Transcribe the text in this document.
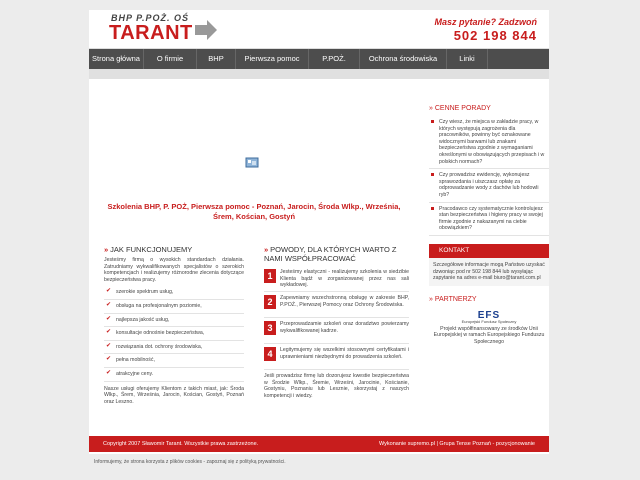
BHP P.POŻ. OŚ
TARANT	Masz pytanie? Zadzwoń
502 198 844
Strona główna	O firmie	BHP	Pierwsza pomoc	P.POŻ.	Ochrona środowiska	Linki
Szkolenia BHP, P. POŻ, Pierwsza pomoc - Poznań, Jarocin, Środa Wlkp., Września, Śrem, Kościan, Gostyń
» JAK FUNKCJONUJEMY
Jesteśmy firmą o wysokich standardach działania. Zatrudniamy wykwalifikowanych specjalistów o szerokich kompetencjach i realizujemy różnorodne zlecenia dotyczące bezpieczeństwa pracy.
✔ szerokie spektrum usług,
✔ obsługa na profesjonalnym poziomie,
✔ najlepsza jakość usług,
✔ konsultacje odnośnie bezpieczeństwa,
✔ rozwiązania dot. ochrony środowiska,
✔ pełna mobilność,
✔ atrakcyjne ceny.
Nasze usługi oferujemy Klientom z takich miast, jak: Środa Wlkp., Śrem, Września, Jarocin, Kościan, Gostyń, Poznań oraz Leszno.
» POWODY, DLA KTÓRYCH WARTO Z NAMI WSPÓŁPRACOWAĆ
1	Jesteśmy elastyczni - realizujemy szkolenia w siedzibie Klienta bądź w zorganizowanej przez nas sali wykładowej.
2	Zapewniamy wszechstronną obsługę w zakresie BHP, P.POŻ., Pierwszej Pomocy oraz Ochrony Środowiska.
3	Przeprowadzamie szkoleń oraz doradztwo powierzamy wykwalifikowanej kadrze.
4	Legitymujemy się wszelkimi stosownymi certyfikatami i uprawnieniami niezbędnymi do prowadzenia szkoleń.
Jeśli prowadzisz firmę lub dozorujesz kwestie bezpieczeństwa w Środzie Wlkp., Śremie, Wrześni, Jarocinie, Kościanie, Gostyniu, Poznaniu lub Lesznie, skorzystaj z naszych kompetencji i wiedzy.
» CENNE PORADY
Czy wiesz, że miejsca w zakładzie pracy, w których występują zagrożenia dla pracowników, powinny być oznakowane widocznymi barwami lub znakami bezpieczeństwa zgodnie z wymaganiami określonymi w obowiązujących przepisach i w polskich normach?
Czy prowadzisz ewidencję, wykonujesz sprawozdania i uiszczasz opłatę za odprowadzanie wody z dachów lub hodowli ryb?
Pracodawco czy systematycznie kontrolujesz stan bezpieczeństwa i higieny pracy w swojej firmie zgodnie z nakazanymi na ciebie obowiązkiem?
KONTAKT
Szczegółowe informacje mogą Państwo uzyskać dzwoniąc pod nr 502 198 844 lub wysyłając zapytanie na adres e-mail biuro@tarant.com.pl
» PARTNERZY
EFS
Europejski Fundusz Społeczny
Projekt współfinansowany ze środków Unii Europejskiej w ramach Europejskiego Funduszu Społecznego
Copyright 2007 Sławomir Tarant. Wszystkie prawa zastrzeżone.	Wykonanie supremo.pl | Grupa Tense Poznań - pozycjonowanie
Informujemy, że strona korzysta z plików cookies - zapoznaj się z polityką prywatności.
